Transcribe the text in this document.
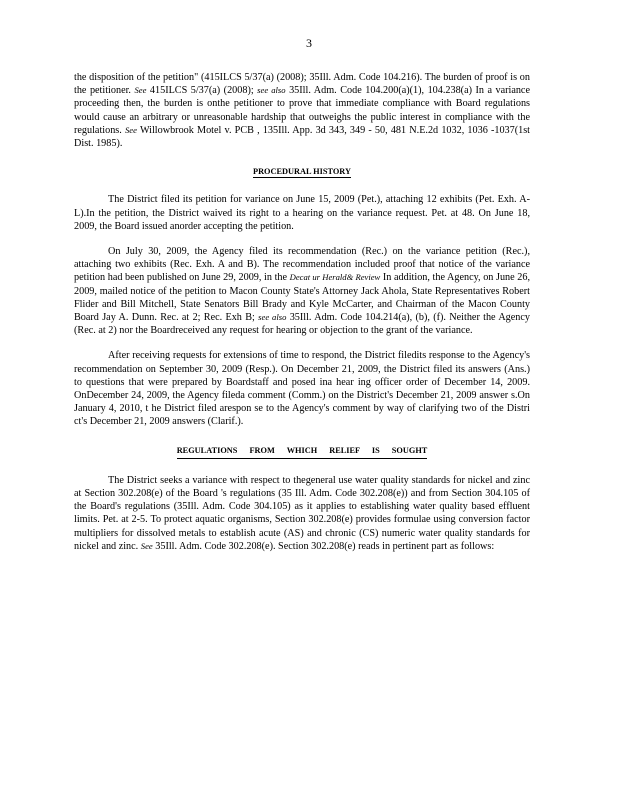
3

the disposition of the petition" (415ILCS 5/37(a) (2008); 35Ill. Adm. Code 104.216). The burden of proof is on the petitioner. See 415ILCS 5/37(a) (2008); see also 35Ill. Adm. Code 104.200(a)(1), 104.238(a) In a variance proceeding then, the burden is onthe petitioner to prove that immediate compliance with Board regulations would cause an arbitrary or unreasonable hardship that outweighs the public interest in compliance with the regulations. See Willowbrook Motel v. PCB , 135Ill. App. 3d 343, 349 - 50, 481 N.E.2d 1032, 1036 -1037(1st Dist. 1985).

PROCEDURAL HISTORY

The District filed its petition for variance on June 15, 2009 (Pet.), attaching 12 exhibits (Pet. Exh. A-L).In the petition, the District waived its right to a hearing on the variance request. Pet. at 48. On June 18, 2009, the Board issued anorder accepting the petition.

On July 30, 2009, the Agency filed its recommendation (Rec.) on the variance petition (Rec.), attaching two exhibits (Rec. Exh. A and B). The recommendation included proof that notice of the variance petition had been published on June 29, 2009, in the Decat ur Herald& Review In addition, the Agency, on June 26, 2009, mailed notice of the petition to Macon County State's Attorney Jack Ahola, State Representatives Robert Flider and Bill Mitchell, State Senators Bill Brady and Kyle McCarter, and Chairman of the Macon County Board Jay A. Dunn. Rec. at 2; Rec. Exh B; see also 35Ill. Adm. Code 104.214(a), (b), (f). Neither the Agency (Rec. at 2) nor the Boardreceived any request for hearing or objection to the grant of the variance.

After receiving requests for extensions of time to respond, the District filedits response to the Agency's recommendation on September 30, 2009 (Resp.). On December 21, 2009, the District filed its answers (Ans.) to questions that were prepared by Boardstaff and posed ina hear ing officer order of December 14, 2009. OnDecember 24, 2009, the Agency fileda comment (Comm.) on the District's December 21, 2009 answer s.On January 4, 2010, t he District filed arespon se to the Agency's comment by way of clarifying two of the Distri ct's December 21, 2009 answers (Clarif.).

REGULATIONS FROM WHICH RELIEF IS SOUGHT

The District seeks a variance with respect to thegeneral use water quality standards for nickel and zinc at Section 302.208(e) of the Board 's regulations (35 Ill. Adm. Code 302.208(e)) and from Section 304.105 of the Board's regulations (35Ill. Adm. Code 304.105) as it applies to establishing water quality based effluent limits. Pet. at 2-5. To protect aquatic organisms, Section 302.208(e) provides formulae using conversion factor multipliers for dissolved metals to establish acute (AS) and chronic (CS) numeric water quality standards for nickel and zinc. See 35Ill. Adm. Code 302.208(e). Section 302.208(e) reads in pertinent part as follows:
